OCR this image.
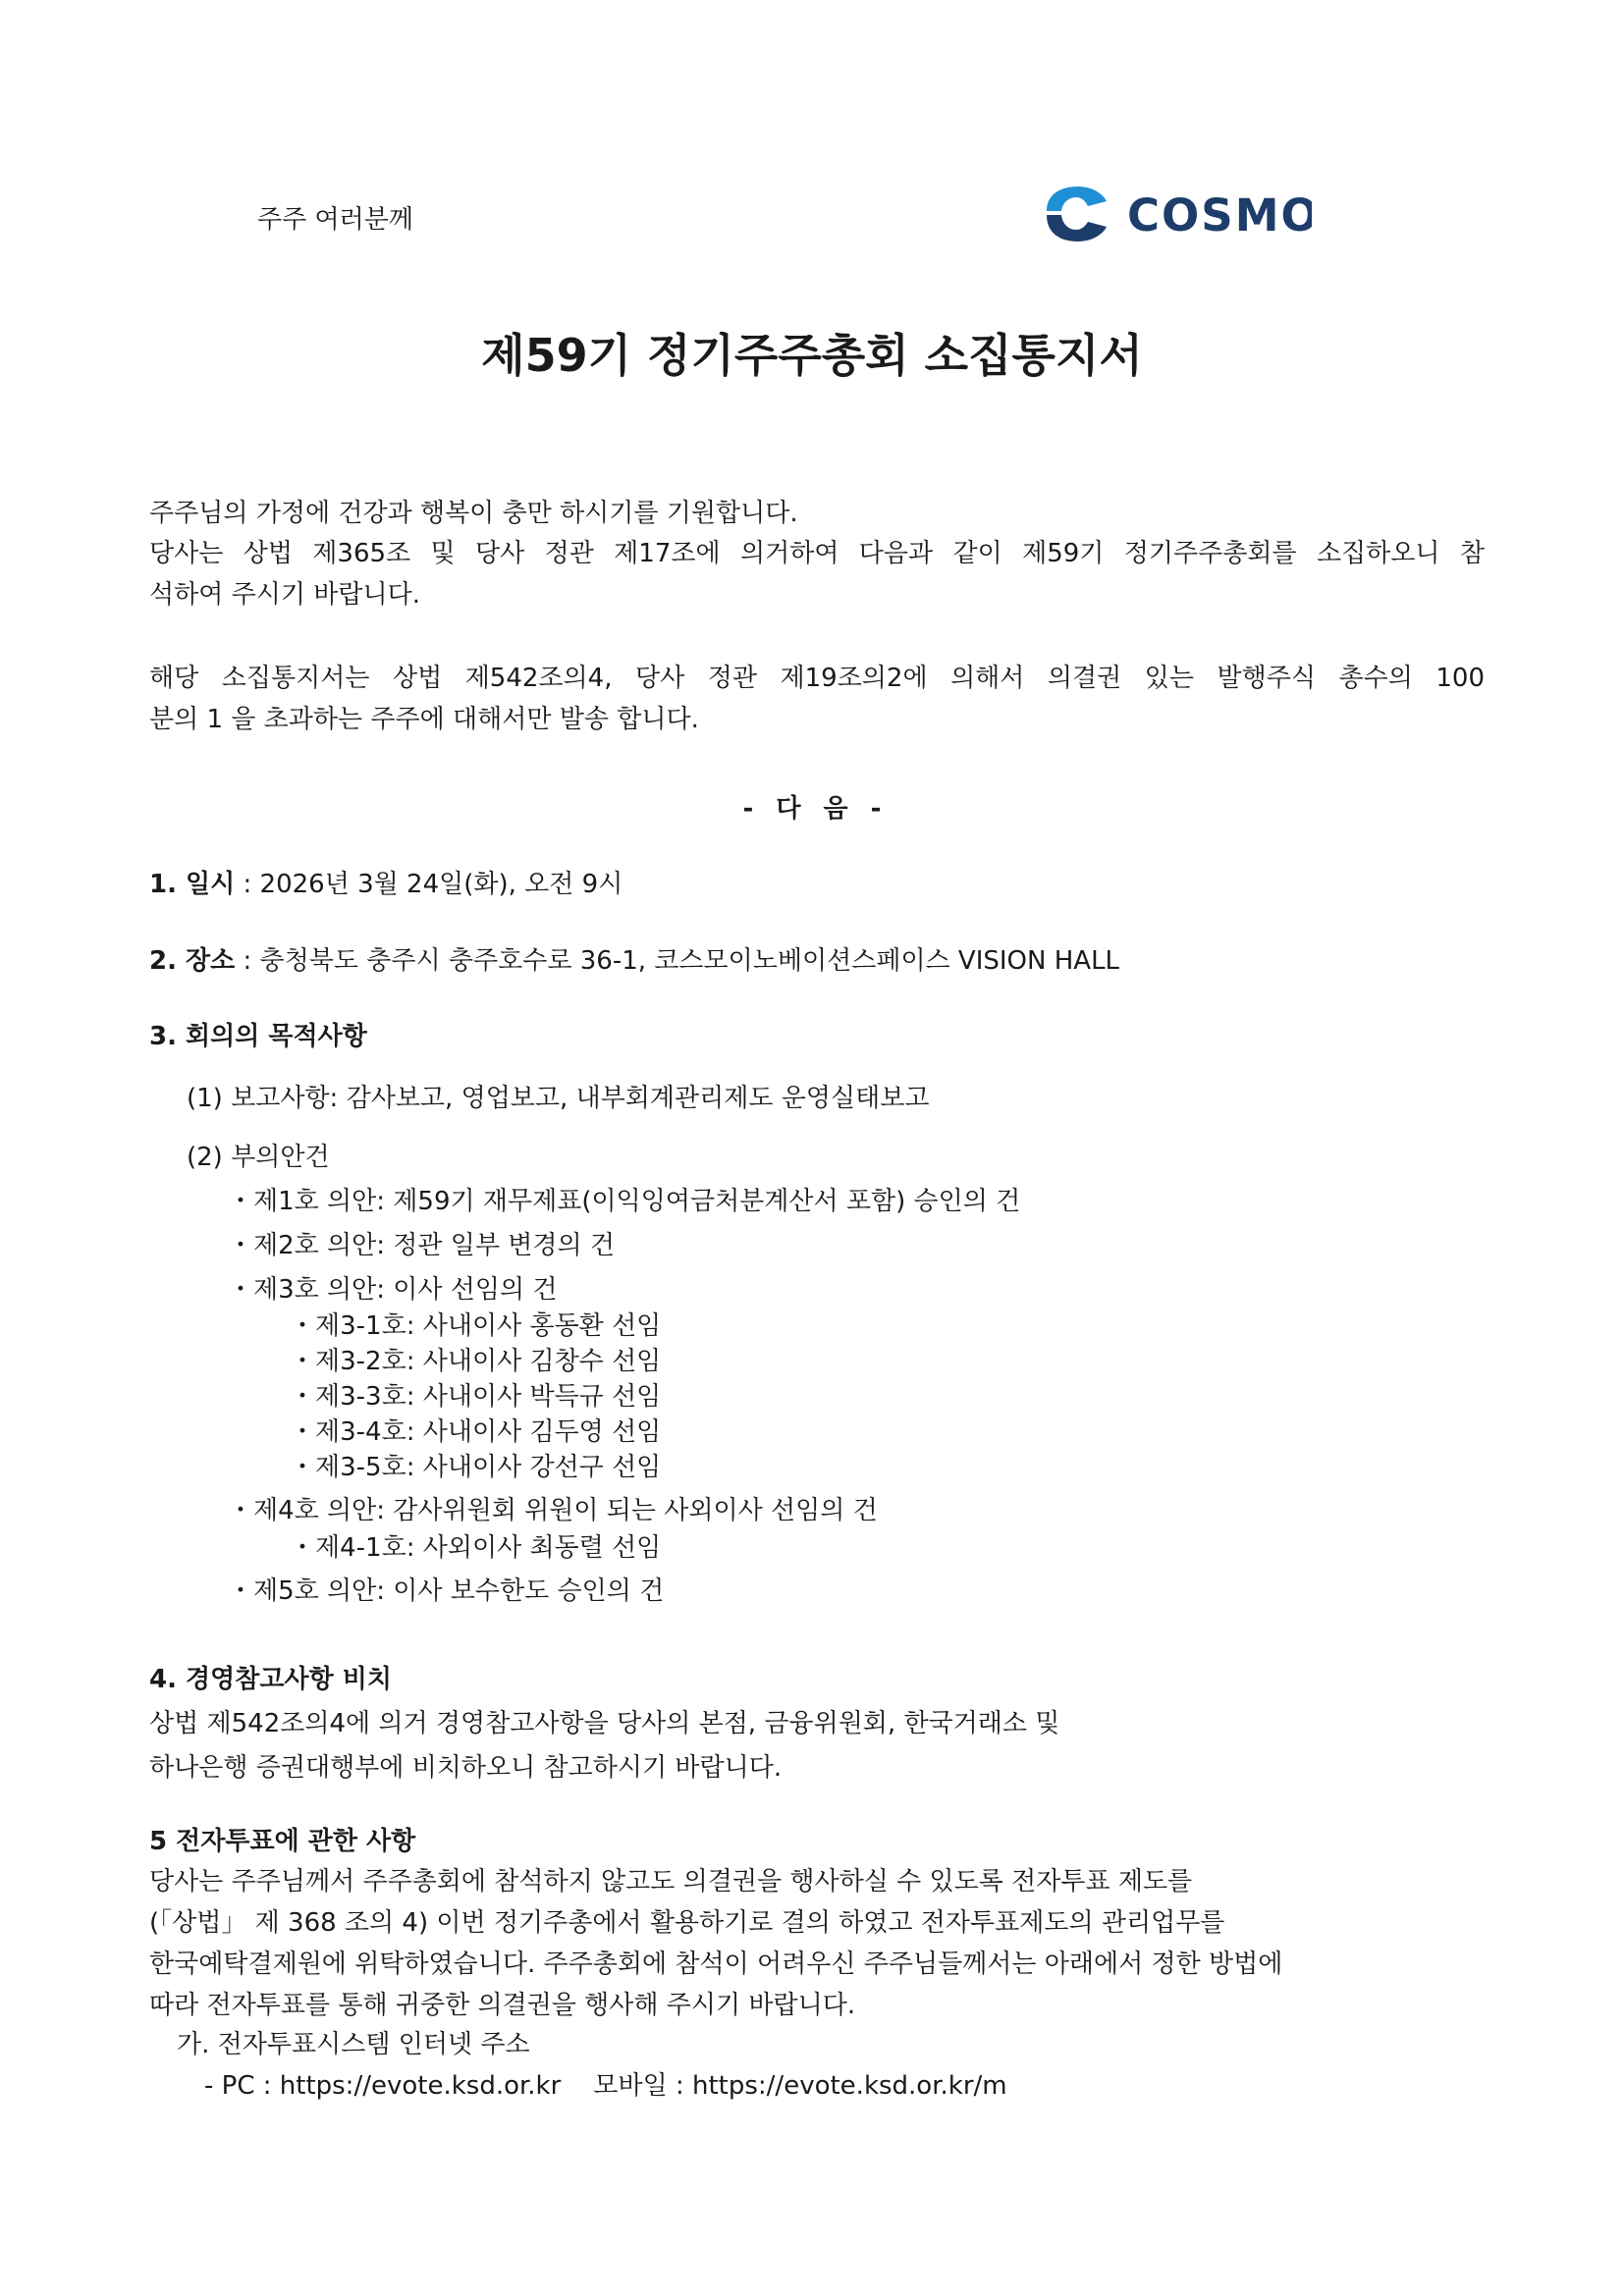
주주 여러분께	COSMO
제59기 정기주주총회 소집통지서
주주님의 가정에 건강과 행복이 충만 하시기를 기원합니다.
당사는 상법 제365조 및 당사 정관 제17조에 의거하여 다음과 같이 제59기 정기주주총회를 소집하오니 참
석하여 주시기 바랍니다.
해당 소집통지서는 상법 제542조의4, 당사 정관 제19조의2에 의해서 의결권 있는 발행주식 총수의 100
분의 1 을 초과하는 주주에 대해서만 발송 합니다.
- 다 음 -
1. 일시 : 2026년 3월 24일(화), 오전 9시
2. 장소 : 충청북도 충주시 충주호수로 36-1, 코스모이노베이션스페이스 VISION HALL
3. 회의의 목적사항
(1) 보고사항: 감사보고, 영업보고, 내부회계관리제도 운영실태보고
(2) 부의안건
・제1호 의안: 제59기 재무제표(이익잉여금처분계산서 포함) 승인의 건
・제2호 의안: 정관 일부 변경의 건
・제3호 의안: 이사 선임의 건
・제3-1호: 사내이사 홍동환 선임
・제3-2호: 사내이사 김창수 선임
・제3-3호: 사내이사 박득규 선임
・제3-4호: 사내이사 김두영 선임
・제3-5호: 사내이사 강선구 선임
・제4호 의안: 감사위원회 위원이 되는 사외이사 선임의 건
・제4-1호: 사외이사 최동렬 선임
・제5호 의안: 이사 보수한도 승인의 건
4. 경영참고사항 비치
상법 제542조의4에 의거 경영참고사항을 당사의 본점, 금융위원회, 한국거래소 및
하나은행 증권대행부에 비치하오니 참고하시기 바랍니다.
5 전자투표에 관한 사항
당사는 주주님께서 주주총회에 참석하지 않고도 의결권을 행사하실 수 있도록 전자투표 제도를
(「상법」 제 368 조의 4) 이번 정기주총에서 활용하기로 결의 하였고 전자투표제도의 관리업무를
한국예탁결제원에 위탁하였습니다. 주주총회에 참석이 어려우신 주주님들께서는 아래에서 정한 방법에
따라 전자투표를 통해 귀중한 의결권을 행사해 주시기 바랍니다.
가. 전자투표시스템 인터넷 주소
- PC : https://evote.ksd.or.kr    모바일 : https://evote.ksd.or.kr/m
